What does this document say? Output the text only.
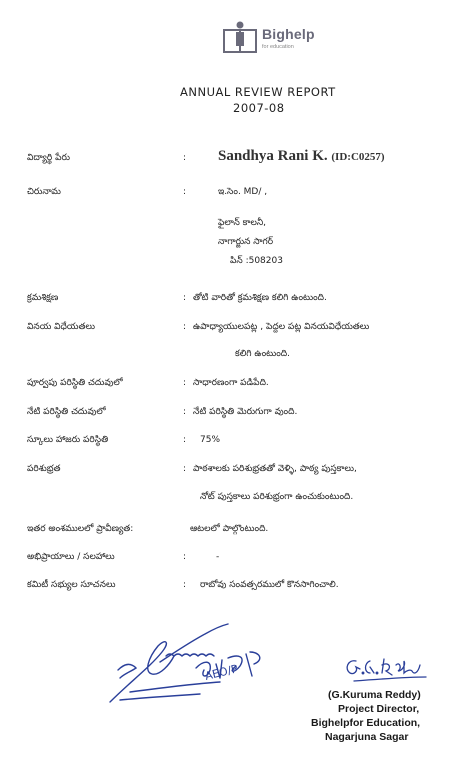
Bighelp
for education
ANNUAL REVIEW REPORT
2007-08
విద్యార్థి పేరు	: Sandhya Rani K. (ID:C0257)
చిరునామ	:	ఇ.సెం. MD/ ,
ఫైలాన్ కాలనీ,
నాగార్జున సాగర్
పిన్ :508203
క్రమశిక్షణ	: తోటి వారితో క్రమశిక్షణ కలిగి ఉంటుంది.
వినయ విధేయతలు	: ఉపాధ్యాయులపట్ల , పెద్దల పట్ల వినయవిధేయతలు
కలిగి ఉంటుంది.
పూర్వపు పరిస్థితి చదువులో	: సాధారణంగా పడిపేది.
నేటి పరిస్థితి చదువులో	: నేటి పరిస్థితి మెరుగుగా వుంది.
స్కూలు హాజరు పరిస్థితి	: 75%
పరిశుభ్రత	: పాఠశాలకు పరిశుభ్రతతో వెళ్ళి, పాఠ్య పుస్తకాలు,
నోట్ పుస్తకాలు పరిశుభ్రంగా ఉంచుకుంటుంది.
ఇతర అంశములలో ప్రావీణ్యత:	ఆటలలో పాల్గొంటుంది.
అభిప్రాయాలు / సలహాలు	:	-
కమిటీ సభ్యుల సూచనలు	: రాబోవు సంవత్సరములో కొనసాగించాలి.
AEO/P
G.K. Reddy
(G.Kuruma Reddy)
Project Director,
Bighelpfor Education,
Nagarjuna Sagar
